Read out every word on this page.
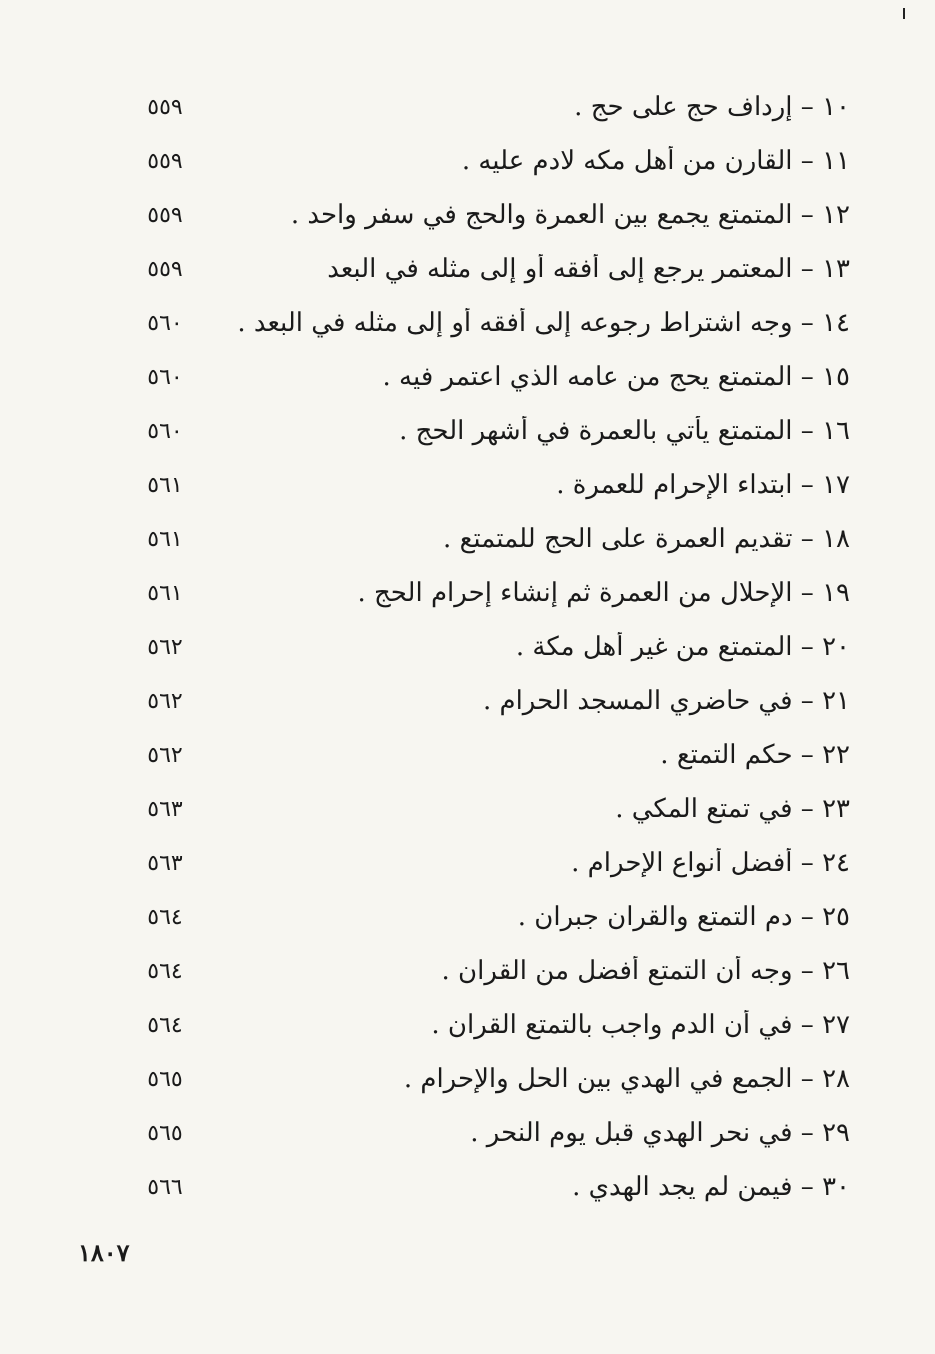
٥٥٩	١٠ – إرداف حج على حج .
٥٥٩	١١ – القارن من أهل مكه لادم عليه .
٥٥٩	١٢ – المتمتع يجمع بين العمرة والحج في سفر واحد .
٥٥٩	١٣ – المعتمر يرجع إلى أفقه أو إلى مثله في البعد
٥٦٠	١٤ – وجه اشتراط رجوعه إلى أفقه أو إلى مثله في البعد .
٥٦٠	١٥ – المتمتع يحج من عامه الذي اعتمر فيه .
٥٦٠	١٦ – المتمتع يأتي بالعمرة في أشهر الحج .
٥٦١	١٧ – ابتداء الإحرام للعمرة .
٥٦١	١٨ – تقديم العمرة على الحج للمتمتع .
٥٦١	١٩ – الإحلال من العمرة ثم إنشاء إحرام الحج .
٥٦٢	٢٠ – المتمتع من غير أهل مكة .
٥٦٢	٢١ – في حاضري المسجد الحرام .
٥٦٢	٢٢ – حكم التمتع .
٥٦٣	٢٣ – في تمتع المكي .
٥٦٣	٢٤ – أفضل أنواع الإحرام .
٥٦٤	٢٥ – دم التمتع والقران جبران .
٥٦٤	٢٦ – وجه أن التمتع أفضل من القران .
٥٦٤	٢٧ – في أن الدم واجب بالتمتع القران .
٥٦٥	٢٨ – الجمع في الهدي بين الحل والإحرام .
٥٦٥	٢٩ – في نحر الهدي قبل يوم النحر .
٥٦٦	٣٠ – فيمن لم يجد الهدي .
١٨٠٧
